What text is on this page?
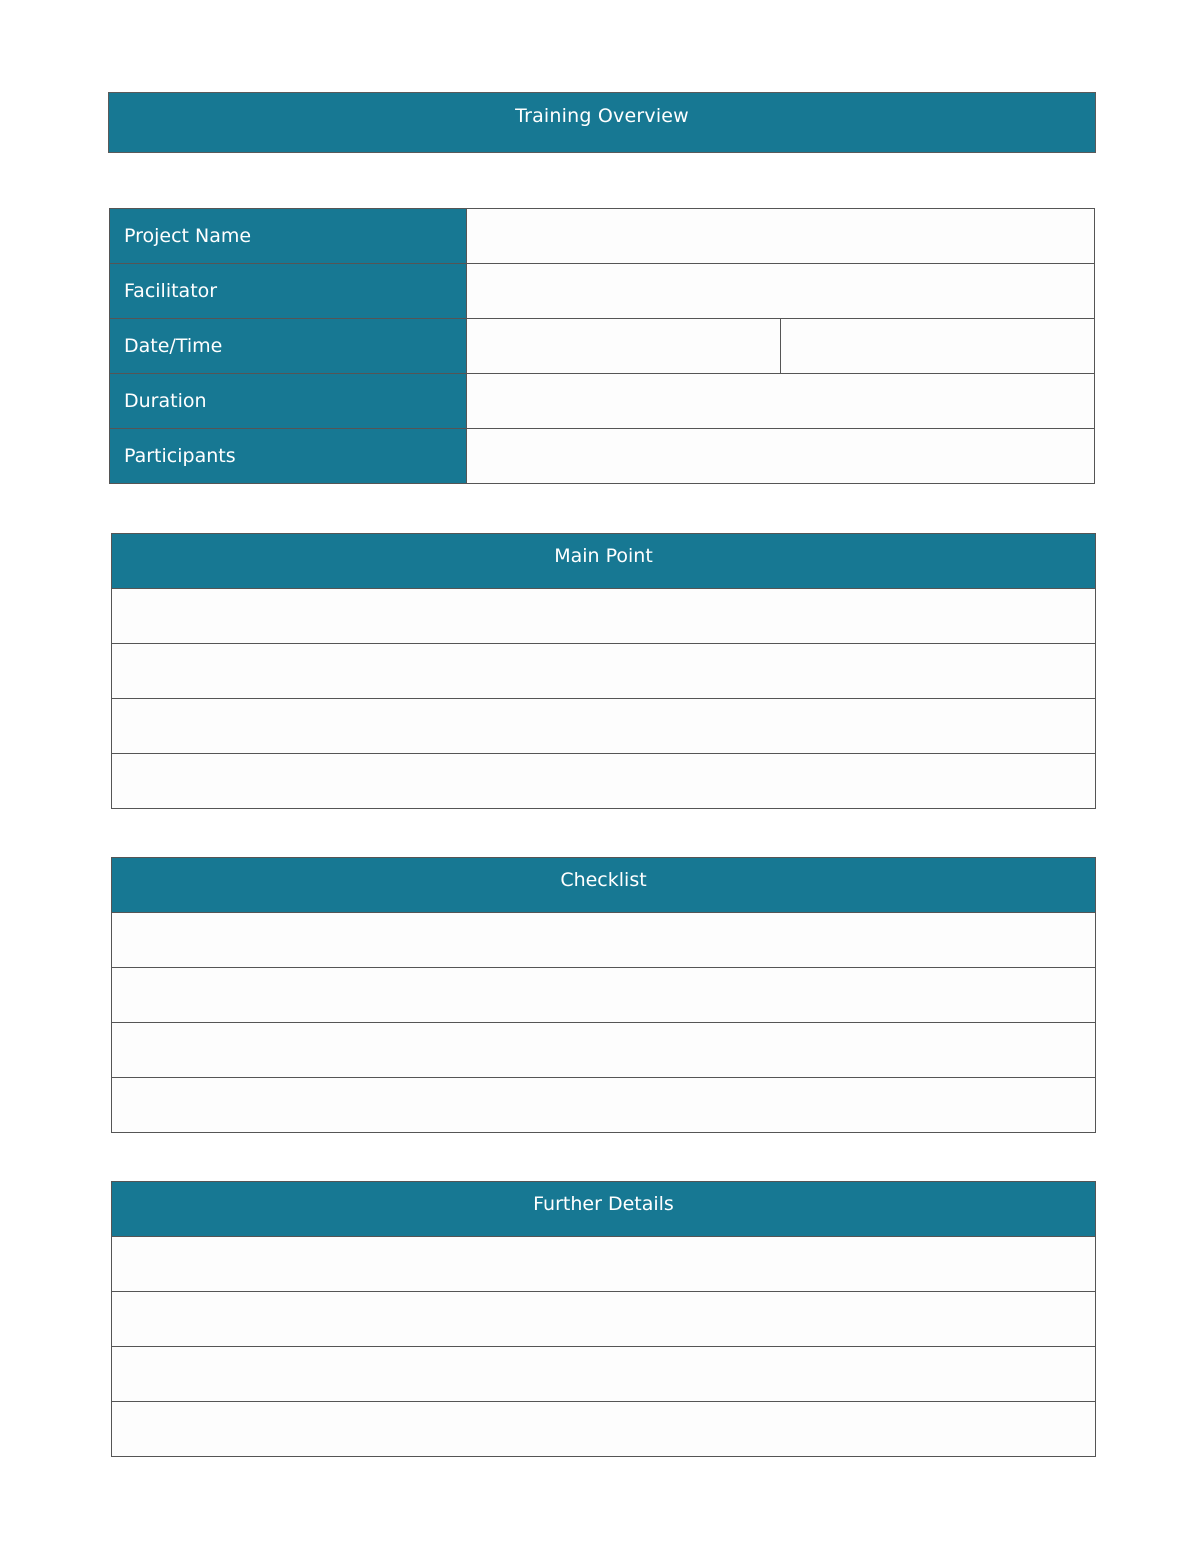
Training Overview
Project Name		
Facilitator		
Date/Time		
Duration		
Participants		
Main Point

Checklist

Further Details
